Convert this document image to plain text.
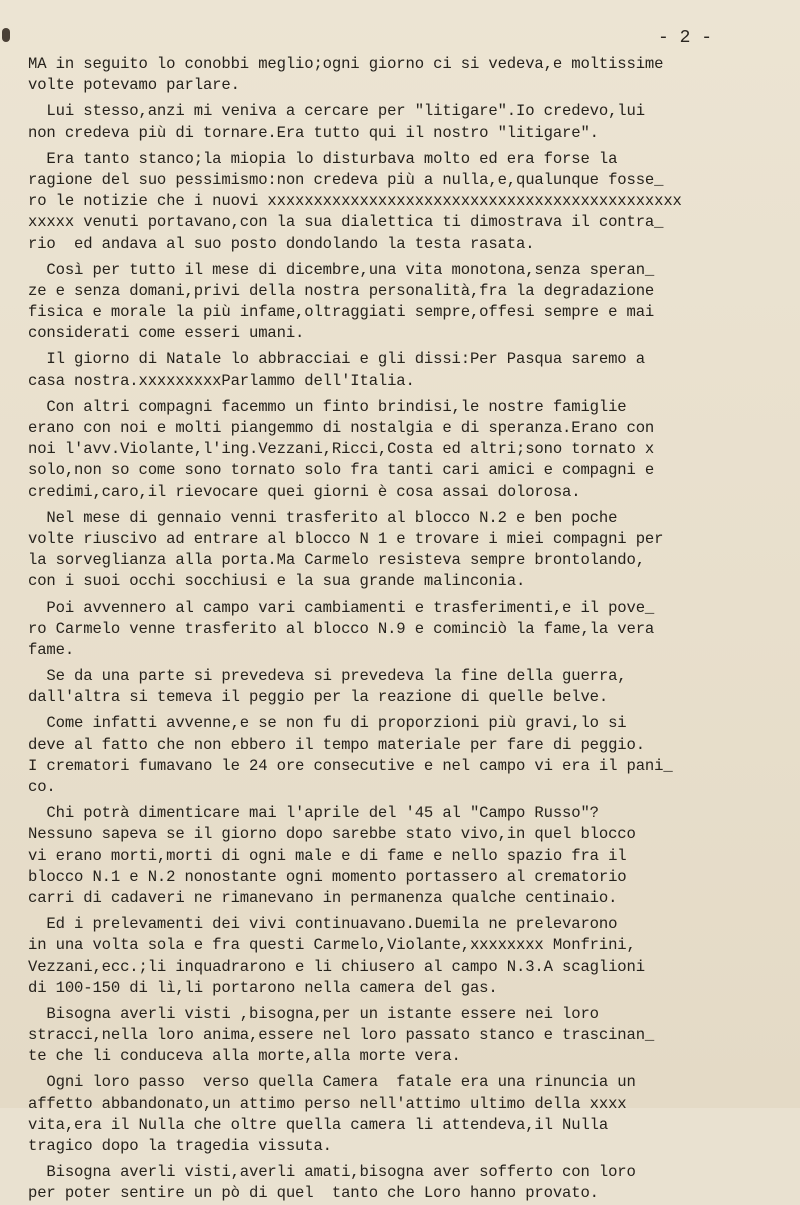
- 2 -
MA in seguito lo conobbi meglio;ogni giorno ci si vedeva,e moltissime
volte potevamo parlare.
Lui stesso,anzi mi veniva a cercare per "litigare".Io credevo,lui
non credeva più di tornare.Era tutto qui il nostro "litigare".
Era tanto stanco;la miopia lo disturbava molto ed era forse la
ragione del suo pessimismo:non credeva più a nulla,e,qualunque fosse_
ro le notizie che i nuovi xxxxxxxxxxxxxxxxxxxxxxxxxxxxxxxxxxxxxxxxxxxxx
xxxxx venuti portavano,con la sua dialettica ti dimostrava il contra_
rio  ed andava al suo posto dondolando la testa rasata.
Così per tutto il mese di dicembre,una vita monotona,senza speran_
ze e senza domani,privi della nostra personalità,fra la degradazione
fisica e morale la più infame,oltraggiati sempre,offesi sempre e mai
considerati come esseri umani.
Il giorno di Natale lo abbracciai e gli dissi:Per Pasqua saremo a
casa nostra.xxxxxxxxxParlammo dell'Italia.
Con altri compagni facemmo un finto brindisi,le nostre famiglie
erano con noi e molti piangemmo di nostalgia e di speranza.Erano con
noi l'avv.Violante,l'ing.Vezzani,Ricci,Costa ed altri;sono tornato x
solo,non so come sono tornato solo fra tanti cari amici e compagni e
credimi,caro,il rievocare quei giorni è cosa assai dolorosa.
Nel mese di gennaio venni trasferito al blocco N.2 e ben poche
volte riuscivo ad entrare al blocco N 1 e trovare i miei compagni per
la sorveglianza alla porta.Ma Carmelo resisteva sempre brontolando,
con i suoi occhi socchiusi e la sua grande malinconia.
Poi avvennero al campo vari cambiamenti e trasferimenti,e il pove_
ro Carmelo venne trasferito al blocco N.9 e cominciò la fame,la vera
fame.
Se da una parte si prevedeva si prevedeva la fine della guerra,
dall'altra si temeva il peggio per la reazione di quelle belve.
Come infatti avvenne,e se non fu di proporzioni più gravi,lo si
deve al fatto che non ebbero il tempo materiale per fare di peggio.
I crematori fumavano le 24 ore consecutive e nel campo vi era il pani_
co.
Chi potrà dimenticare mai l'aprile del '45 al "Campo Russo"?
Nessuno sapeva se il giorno dopo sarebbe stato vivo,in quel blocco
vi erano morti,morti di ogni male e di fame e nello spazio fra il
blocco N.1 e N.2 nonostante ogni momento portassero al crematorio
carri di cadaveri ne rimanevano in permanenza qualche centinaio.
Ed i prelevamenti dei vivi continuavano.Duemila ne prelevarono
in una volta sola e fra questi Carmelo,Violante,xxxxxxxx Monfrini,
Vezzani,ecc.;li inquadrarono e li chiusero al campo N.3.A scaglioni
di 100-150 di lì,li portarono nella camera del gas.
Bisogna averli visti ,bisogna,per un istante essere nei loro
stracci,nella loro anima,essere nel loro passato stanco e trascinan_
te che li conduceva alla morte,alla morte vera.
Ogni loro passo  verso quella Camera  fatale era una rinuncia un
affetto abbandonato,un attimo perso nell'attimo ultimo della xxxx
vita,era il Nulla che oltre quella camera li attendeva,il Nulla
tragico dopo la tragedia vissuta.
Bisogna averli visti,averli amati,bisogna aver sofferto con loro
per poter sentire un pò di quel  tanto che Loro hanno provato.
